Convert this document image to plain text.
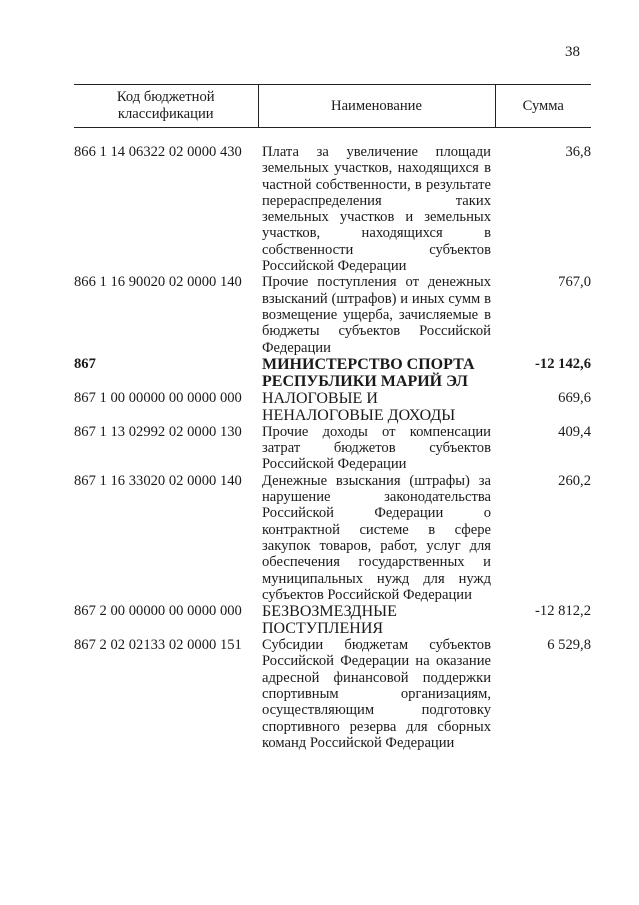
38
Код бюджетной классификации	Наименование	Сумма

866 1 14 06322 02 0000 430	Плата за увеличение площади земельных участков, находящихся в частной собственности, в результате перераспределения таких земельных участков и земельных участков, находящихся в собственности субъектов Российской Федерации	36,8
866 1 16 90020 02 0000 140	Прочие поступления от денежных взысканий (штрафов) и иных сумм в возмещение ущерба, зачисляемые в бюджеты субъектов Российской Федерации	767,0
867	МИНИСТЕРСТВО СПОРТА РЕСПУБЛИКИ МАРИЙ ЭЛ	-12 142,6
867 1 00 00000 00 0000 000	НАЛОГОВЫЕ И НЕНАЛОГОВЫЕ ДОХОДЫ	669,6
867 1 13 02992 02 0000 130	Прочие доходы от компенсации затрат бюджетов субъектов Российской Федерации	409,4
867 1 16 33020 02 0000 140	Денежные взыскания (штрафы) за нарушение законодательства Российской Федерации о контрактной системе в сфере закупок товаров, работ, услуг для обеспечения государственных и муниципальных нужд для нужд субъектов Российской Федерации	260,2
867 2 00 00000 00 0000 000	БЕЗВОЗМЕЗДНЫЕ ПОСТУПЛЕНИЯ	-12 812,2
867 2 02 02133 02 0000 151	Субсидии бюджетам субъектов Российской Федерации на оказание адресной финансовой поддержки спортивным организациям, осуществляющим подготовку спортивного резерва для сборных команд Российской Федерации	6 529,8
